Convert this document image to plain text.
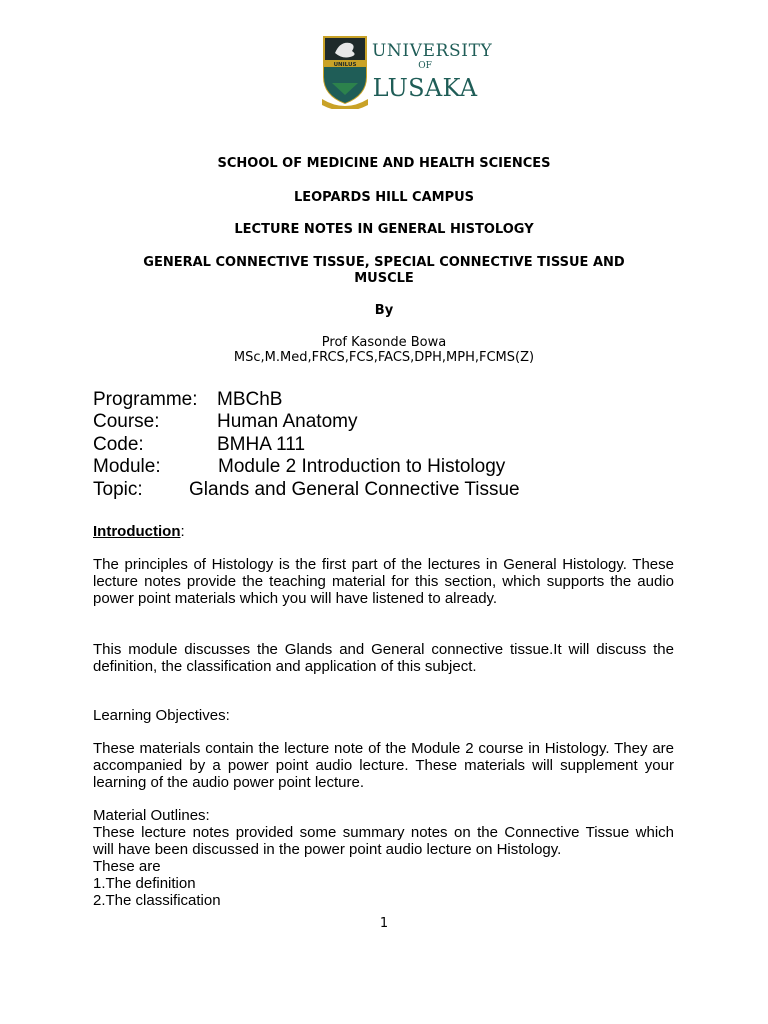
UNILUS
UNIVERSITY
OF
LUSAKA
SCHOOL OF MEDICINE AND HEALTH SCIENCES
LEOPARDS HILL CAMPUS
LECTURE NOTES IN GENERAL HISTOLOGY
GENERAL CONNECTIVE TISSUE, SPECIAL CONNECTIVE TISSUE AND
MUSCLE
By
Prof Kasonde Bowa
MSc,M.Med,FRCS,FCS,FACS,DPH,MPH,FCMS(Z)
Programme: MBChB
Course:	Human Anatomy
Code:	BMHA 111
Module:	Module 2 Introduction to Histology
Topic: Glands and General Connective Tissue
Introduction:
The principles of Histology is the first part of the lectures in General Histology. These lecture notes provide the teaching material for this section, which supports the audio power point materials which you will have listened to already.
This module discusses the Glands and General connective tissue.It will discuss the definition, the classification and application of this subject.
Learning Objectives:
These materials contain the lecture note of the Module 2 course in Histology. They are accompanied by a power point audio lecture. These materials will supplement your learning of the audio power point lecture.
Material Outlines:
These lecture notes provided some summary notes on the Connective Tissue which will have been discussed in the power point audio lecture on Histology.
These are
1.The definition
2.The classification
1
